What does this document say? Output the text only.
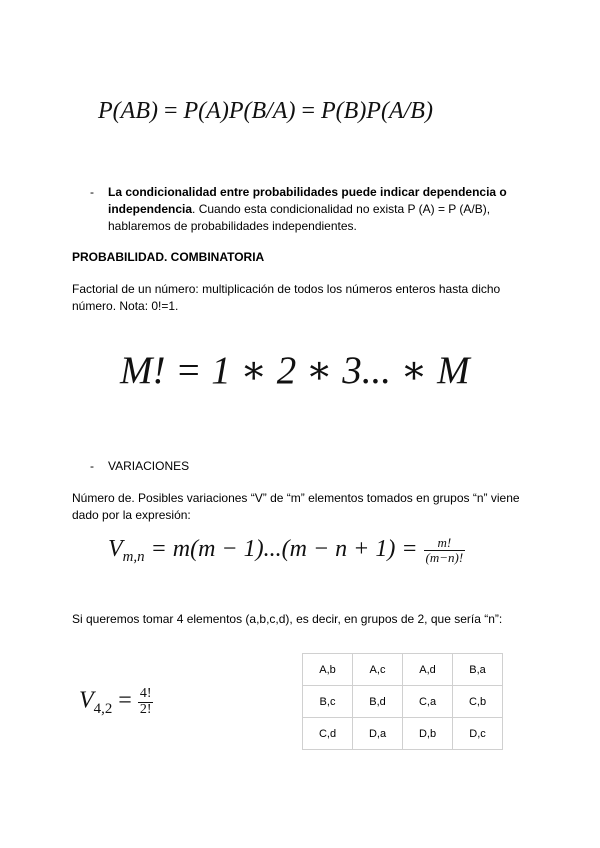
P(AB) = P(A)P(B/A) = P(B)P(A/B)
- La condicionalidad entre probabilidades puede indicar dependencia o independencia. Cuando esta condicionalidad no exista P (A) = P (A/B),
hablaremos de probabilidades independientes.
PROBABILIDAD. COMBINATORIA
Factorial de un número: multiplicación de todos los números enteros hasta dicho número. Nota: 0!=1.
M! = 1 ∗ 2 ∗ 3... ∗ M
- VARIACIONES
Número de. Posibles variaciones “V” de “m” elementos tomados en grupos “n” viene dado por la expresión:
$V_{m,n} = m(m - 1)...(m - n + 1) = \frac{m!}{(m-n)!}$
Si queremos tomar 4 elementos (a,b,c,d), es decir, en grupos de 2, que sería “n”:
$V_{4,2} = \frac{4!}{2!}$
A,b	A,c	A,d	B,a
B,c	B,d	C,a	C,b
C,d	D,a	D,b	D,c
